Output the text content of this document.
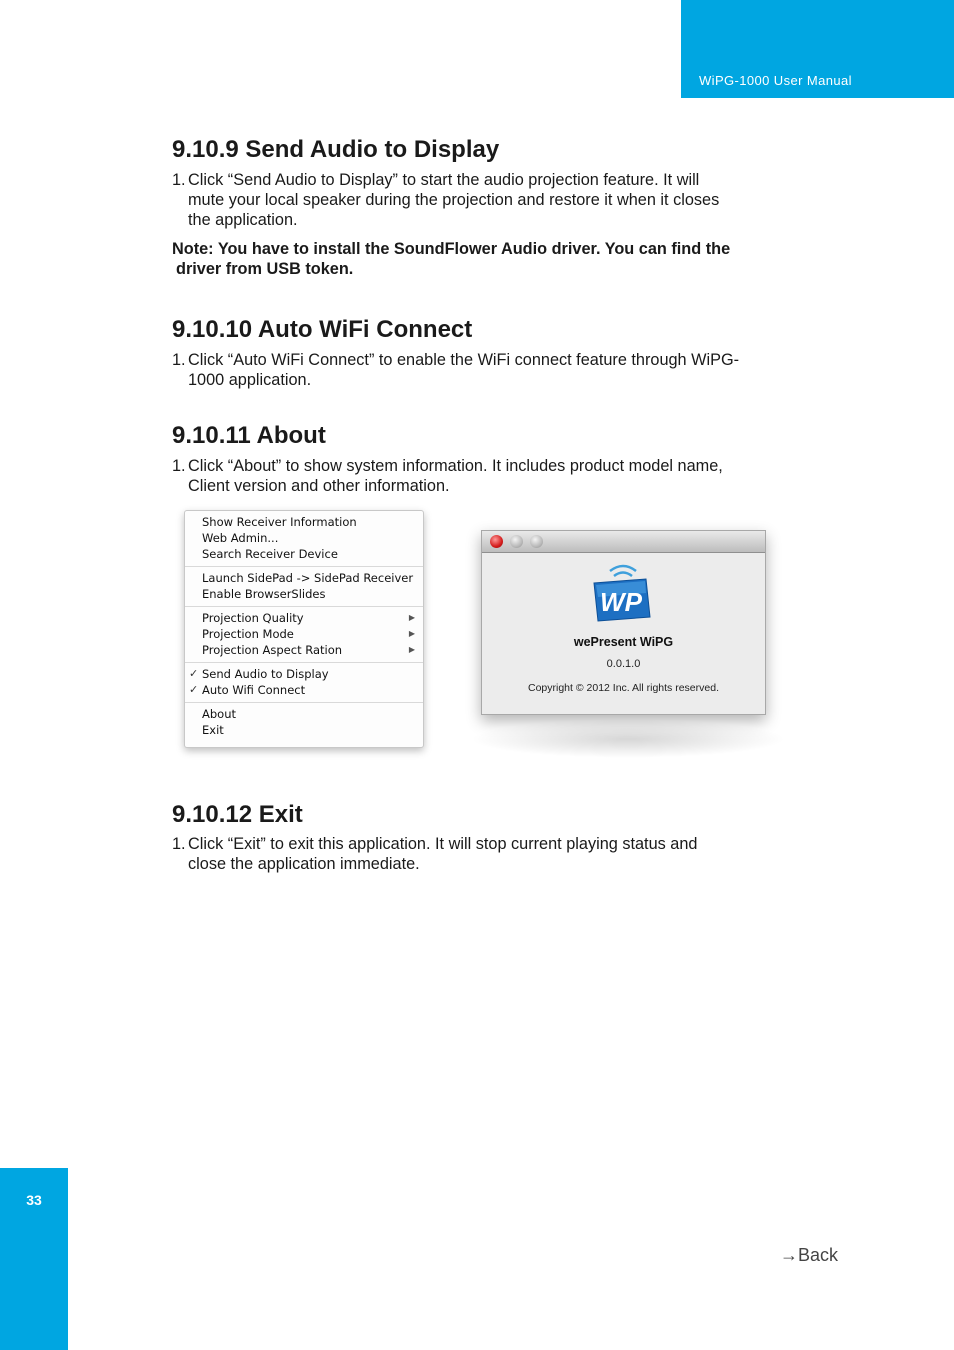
WiPG-1000 User Manual
33
9.10.9 Send Audio to Display
1. Click “Send Audio to Display” to start the audio projection feature. It will
mute your local speaker during the projection and restore it when it closes
the application.
Note: You have to install the SoundFlower Audio driver. You can find the
driver from USB token.
9.10.10 Auto WiFi Connect
1. Click “Auto WiFi Connect” to enable the WiFi connect feature through WiPG-
1000 application.
9.10.11 About
1. Click “About” to show system information. It includes product model name,
Client version and other information.
9.10.12 Exit
1. Click “Exit” to exit this application. It will stop current playing status and
close the application immediate.
Show Receiver Information
Web Admin...
Search Receiver Device
Launch SidePad -> SidePad Receiver
Enable BrowserSlides
Projection Quality	▶
Projection Mode	▶
Projection Aspect Ration	▶
✓ Send Audio to Display
✓ Auto Wifi Connect
About
Exit
WP
wePresent WiPG
0.0.1.0
Copyright © 2012 Inc. All rights reserved.
→Back
